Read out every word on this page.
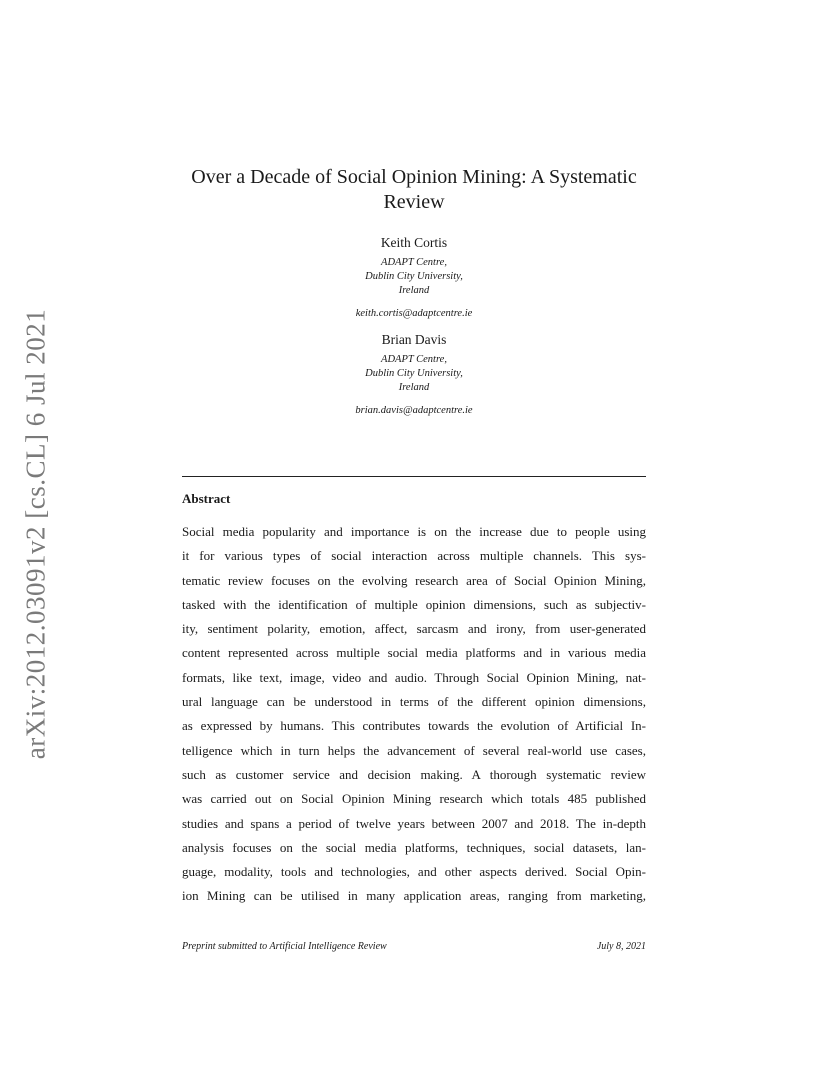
arXiv:2012.03091v2 [cs.CL] 6 Jul 2021
Over a Decade of Social Opinion Mining: A Systematic
Review
Keith Cortis
ADAPT Centre,
Dublin City University,
Ireland
keith.cortis@adaptcentre.ie
Brian Davis
ADAPT Centre,
Dublin City University,
Ireland
brian.davis@adaptcentre.ie
Abstract
Social media popularity and importance is on the increase due to people using
it for various types of social interaction across multiple channels. This sys-
tematic review focuses on the evolving research area of Social Opinion Mining,
tasked with the identification of multiple opinion dimensions, such as subjectiv-
ity, sentiment polarity, emotion, affect, sarcasm and irony, from user-generated
content represented across multiple social media platforms and in various media
formats, like text, image, video and audio. Through Social Opinion Mining, nat-
ural language can be understood in terms of the different opinion dimensions,
as expressed by humans. This contributes towards the evolution of Artificial In-
telligence which in turn helps the advancement of several real-world use cases,
such as customer service and decision making. A thorough systematic review
was carried out on Social Opinion Mining research which totals 485 published
studies and spans a period of twelve years between 2007 and 2018. The in-depth
analysis focuses on the social media platforms, techniques, social datasets, lan-
guage, modality, tools and technologies, and other aspects derived. Social Opin-
ion Mining can be utilised in many application areas, ranging from marketing,
Preprint submitted to Artificial Intelligence Review	July 8, 2021
